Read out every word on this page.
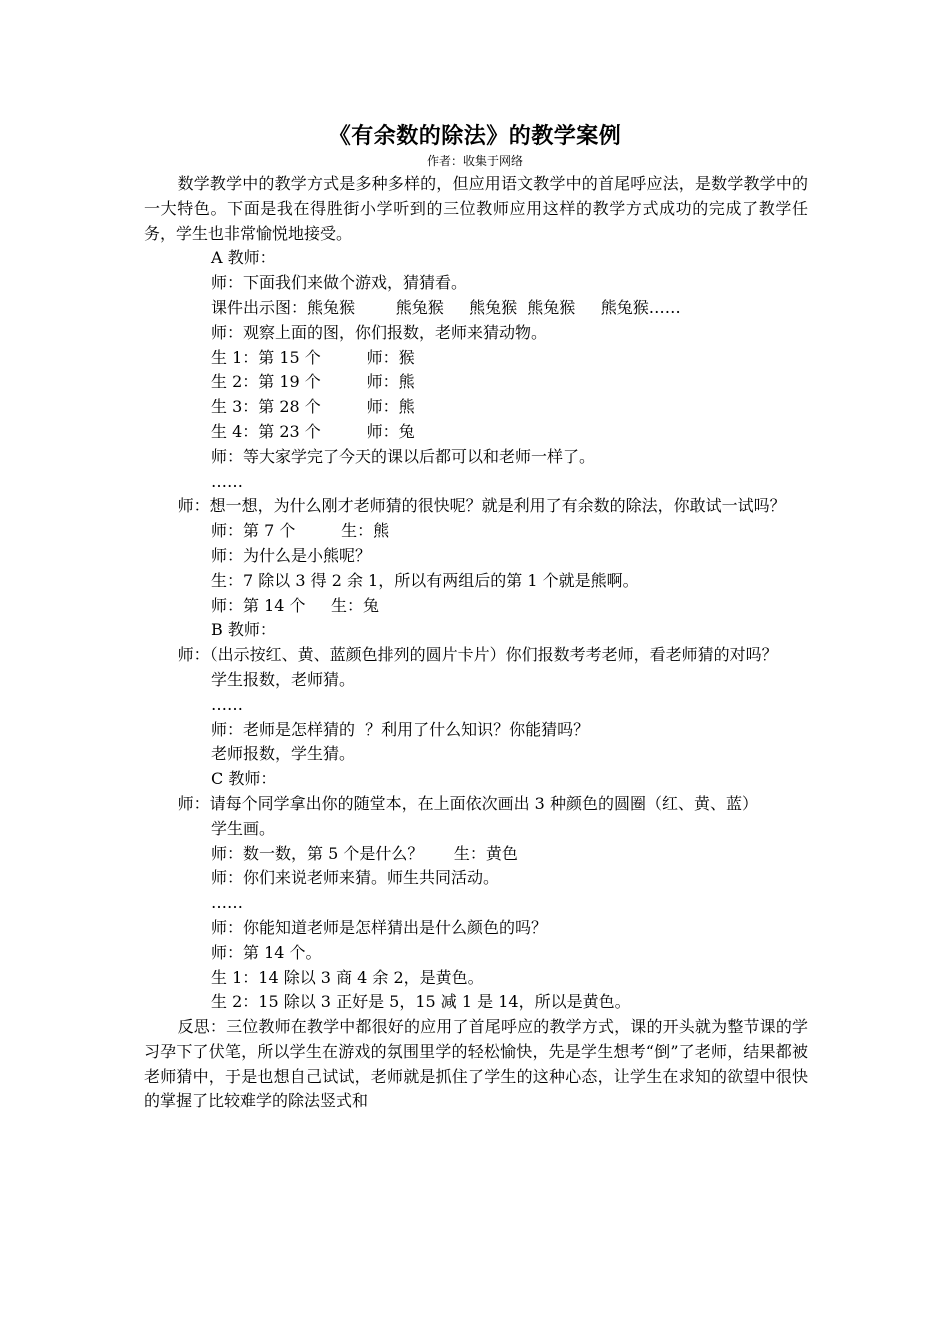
《有余数的除法》的教学案例
作者：收集于网络
数学教学中的教学方式是多种多样的，但应用语文教学中的首尾呼应法，是数学教学中的一大特色。下面是我在得胜街小学听到的三位教师应用这样的教学方式成功的完成了教学任务，学生也非常愉悦地接受。
A 教师：
师：下面我们来做个游戏，猜猜看。
课件出示图：熊兔猴        熊兔猴     熊兔猴  熊兔猴     熊兔猴……
师：观察上面的图，你们报数，老师来猜动物。
生 1：第 15 个         师：猴
生 2：第 19 个         师：熊
生 3：第 28 个         师：熊
生 4：第 23 个         师：兔
师：等大家学完了今天的课以后都可以和老师一样了。
……
师：想一想，为什么刚才老师猜的很快呢？就是利用了有余数的除法，你敢试一试吗？
师：第 7 个         生：熊
师：为什么是小熊呢？
生：7 除以 3 得 2 余 1，所以有两组后的第 1 个就是熊啊。
师：第 14 个     生：兔
B 教师：
师：（出示按红、黄、蓝颜色排列的圆片卡片）你们报数考考老师，看老师猜的对吗？
学生报数，老师猜。
……
师：老师是怎样猜的  ？利用了什么知识？你能猜吗？
老师报数，学生猜。
C 教师：
师：请每个同学拿出你的随堂本，在上面依次画出 3 种颜色的圆圈（红、黄、蓝）
学生画。
师：数一数，第 5 个是什么？      生：黄色
师：你们来说老师来猜。师生共同活动。
……
师：你能知道老师是怎样猜出是什么颜色的吗？
师：第 14 个。
生 1：14 除以 3 商 4 余 2，是黄色。
生 2：15 除以 3 正好是 5，15 减 1 是 14，所以是黄色。
反思：三位教师在教学中都很好的应用了首尾呼应的教学方式，课的开头就为整节课的学习孕下了伏笔，所以学生在游戏的氛围里学的轻松愉快，先是学生想考“倒”了老师，结果都被老师猜中，于是也想自己试试，老师就是抓住了学生的这种心态，让学生在求知的欲望中很快的掌握了比较难学的除法竖式和
